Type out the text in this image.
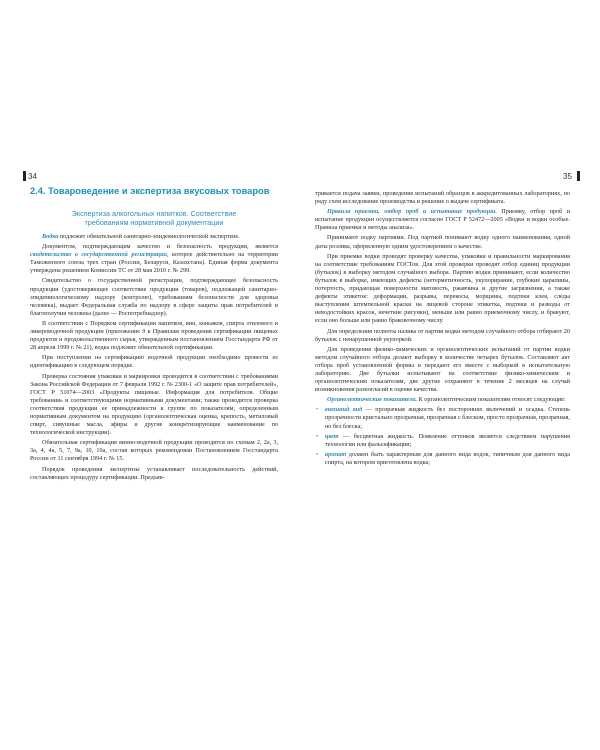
34	35
2.4. Товароведение и экспертиза вкусовых товаров
Экспертиза алкогольных напитков. Соответствие
требованиям нормативной документации

Водка подлежит обязательной санитарно-эпидемиологической экспертизе.

Документом, подтверждающим качество и безопасность продукции, является свидетельство о государственной регистрации, которое действительно на территории Таможенного союза трех стран (России, Беларуси, Казахстана). Единая форма документа утверждена решением Комиссии ТС от 28 мая 2010 г. № 299.

Свидетельство о государственной регистрации, подтверждающее безопасность продукции (удостоверяющее соответствие продукции (товаров), подлежащей санитарно-эпидемиологическому надзору (контролю), требованиям безопасности для здоровья человека), выдает Федеральная служба по надзору в сфере защиты прав потребителей и благополучия человека (далее — Роспотребнадзор).

В соответствии с Порядком сертификации напитков, вин, коньяков, спирта этилового и ликероводочной продукции (приложение 9 к Правилам проведения сертификации пищевых продуктов и продовольственного сырья, утвержденным постановлением Госстандарта РФ от 28 апреля 1999 г. № 21), водка подлежит обязательной сертификации.

При поступлении на сертификацию водочной продукции необходимо провести ее идентификацию в следующем порядке.

Проверка состояния упаковки и маркировки проводится в соответствии с требованиями Закона Российской Федерации от 7 февраля 1992 г. № 2300-1 «О защите прав потребителей», ГОСТ Р 51074—2003 «Продукты пищевые. Информация для потребителя. Общие требования» и соответствующими нормативными документами; также проводится проверка соответствия продукции ее принадлежности к группе по показателям, определенным нормативным документом на продукцию (органолептическая оценка, крепость, метиловый спирт, сивушные масла, эфиры и другие конкретизирующие наименование по технологической инструкции).

Обязательная сертификация винно-водочной продукции проводится по схемам 2, 2а, 3, 3а, 4, 4а, 5, 7, 9а, 10, 10а, состав которых рекомендован Постановлением Госстандарта России от 11 сентября 1994 г. № 15.

Порядок проведения экспертизы устанавливает последовательность действий, составляющих процедуру сертификации. Предъяв-

тривается подача заявки, проведение испытаний образцов в аккредитованных лабораториях, по ряду схем исследование производства и решение о выдаче сертификата.

Правила приемки, отбор проб и испытание продукции. Приемку, отбор проб и испытание продукции осуществляется согласно ГОСТ Р 52472—2005 «Водки и водки особые. Правила приемки и методы анализа».

Принимают водку партиями. Под партией понимают водку одного наименования, одной даты розлива, оформленную одним удостоверением о качестве.

При приемке водки проводят проверку качества, упаковки и правильности маркирования на соответствие требованиям ГОСТов. Для этой проверки проводят отбор единиц продукции (бутылок) в выборку методом случайного выбора. Партию водки принимают, если количество бутылок в выборке, имеющих дефекты (нетерметичность, укупорирание, глубокие царапины, потертость, придающая поверхности матовость, ржавчина и другие загрязнения, а также дефекты этикеток: деформации, разрывы, перекосы, морщины, подтеки клея, следы выступления штемпельной краски на лицевой стороне этикетка, подтеки и разводы от неводостойких красок, нечеткие рисунки), меньше или равно приемочному числу, и бракуют, если оно больше или равно браковочному числу.

Для определения полноты налива от партии водки методом случайного отбора отбирают 20 бутылок с ненарушенной укупоркой.

Для проведения физико-химических и органолептических испытаний от партии водки методом случайного отбора делают выборку в количестве четырех бутылок. Составляют акт отбора проб установленной формы и передают его вместе с выборкой в испытательную лабораторию. Две бутылки испытывают на соответствие физико-химическим и органолептическим показателям, две другие сохраняют в течение 2 месяцев на случай возникновения разногласий в оценке качества.

Органолептические показатели. К органолептическим показателям относят следующие:

• внешний вид — прозрачная жидкость без посторонних включений и осадка. Степень прозрачности кристально прозрачная, прозрачная с блеском, просто прозрачная, прозрачная, но без блеска;
• цвет — бесцветная жидкость. Появление оттенков является следствием нарушения технологии или фальсификации;
• аромат должен быть характерным для данного вида водок, типичным для данного вида спирта, на котором приготовлена водка;
